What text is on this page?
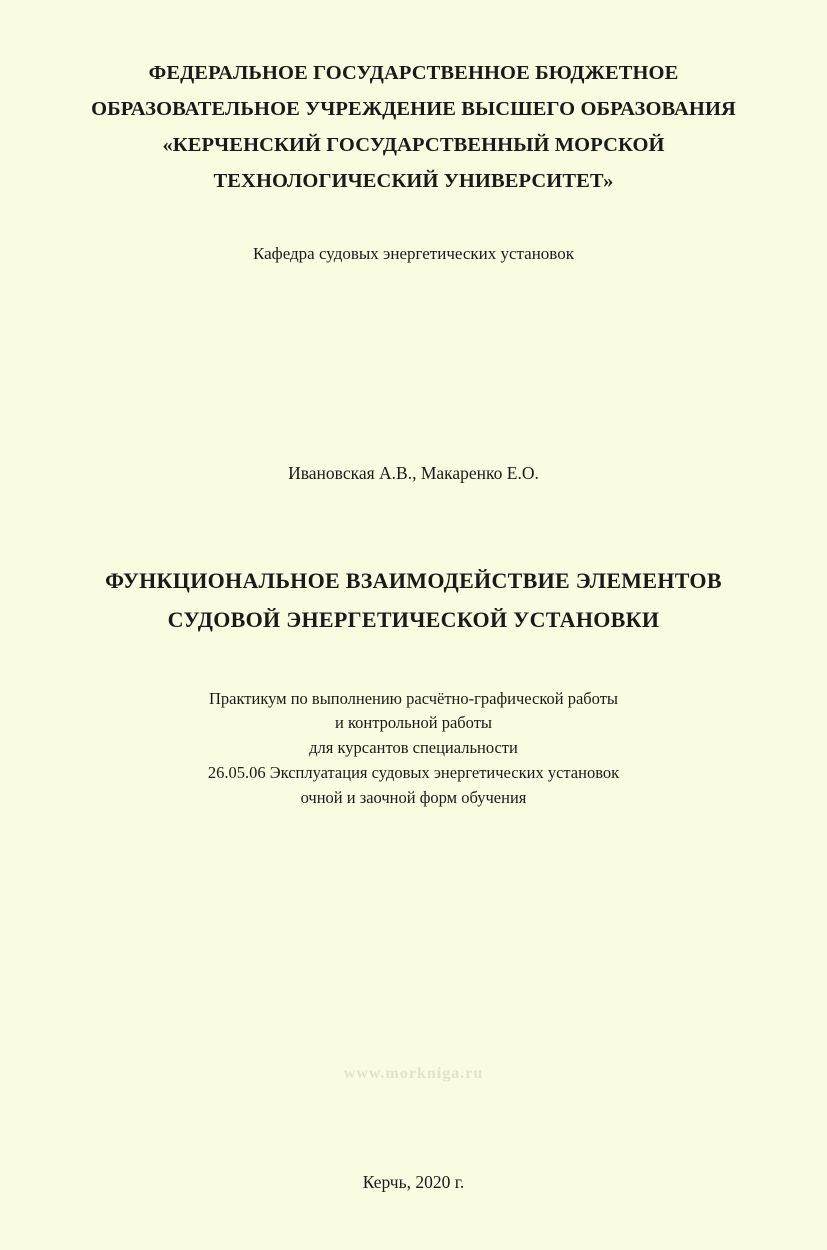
ФЕДЕРАЛЬНОЕ ГОСУДАРСТВЕННОЕ БЮДЖЕТНОЕ

ОБРАЗОВАТЕЛЬНОЕ УЧРЕЖДЕНИЕ ВЫСШЕГО ОБРАЗОВАНИЯ

«КЕРЧЕНСКИЙ ГОСУДАРСТВЕННЫЙ МОРСКОЙ

ТЕХНОЛОГИЧЕСКИЙ УНИВЕРСИТЕТ»

Кафедра судовых энергетических установок

Ивановская А.В., Макаренко Е.О.

ФУНКЦИОНАЛЬНОЕ ВЗАИМОДЕЙСТВИЕ ЭЛЕМЕНТОВ

СУДОВОЙ ЭНЕРГЕТИЧЕСКОЙ УСТАНОВКИ

Практикум по выполнению расчётно-графической работы

и контрольной работы

для курсантов специальности

26.05.06 Эксплуатация судовых энергетических установок

очной и заочной форм обучения

www.morkniga.ru

Керчь, 2020 г.
